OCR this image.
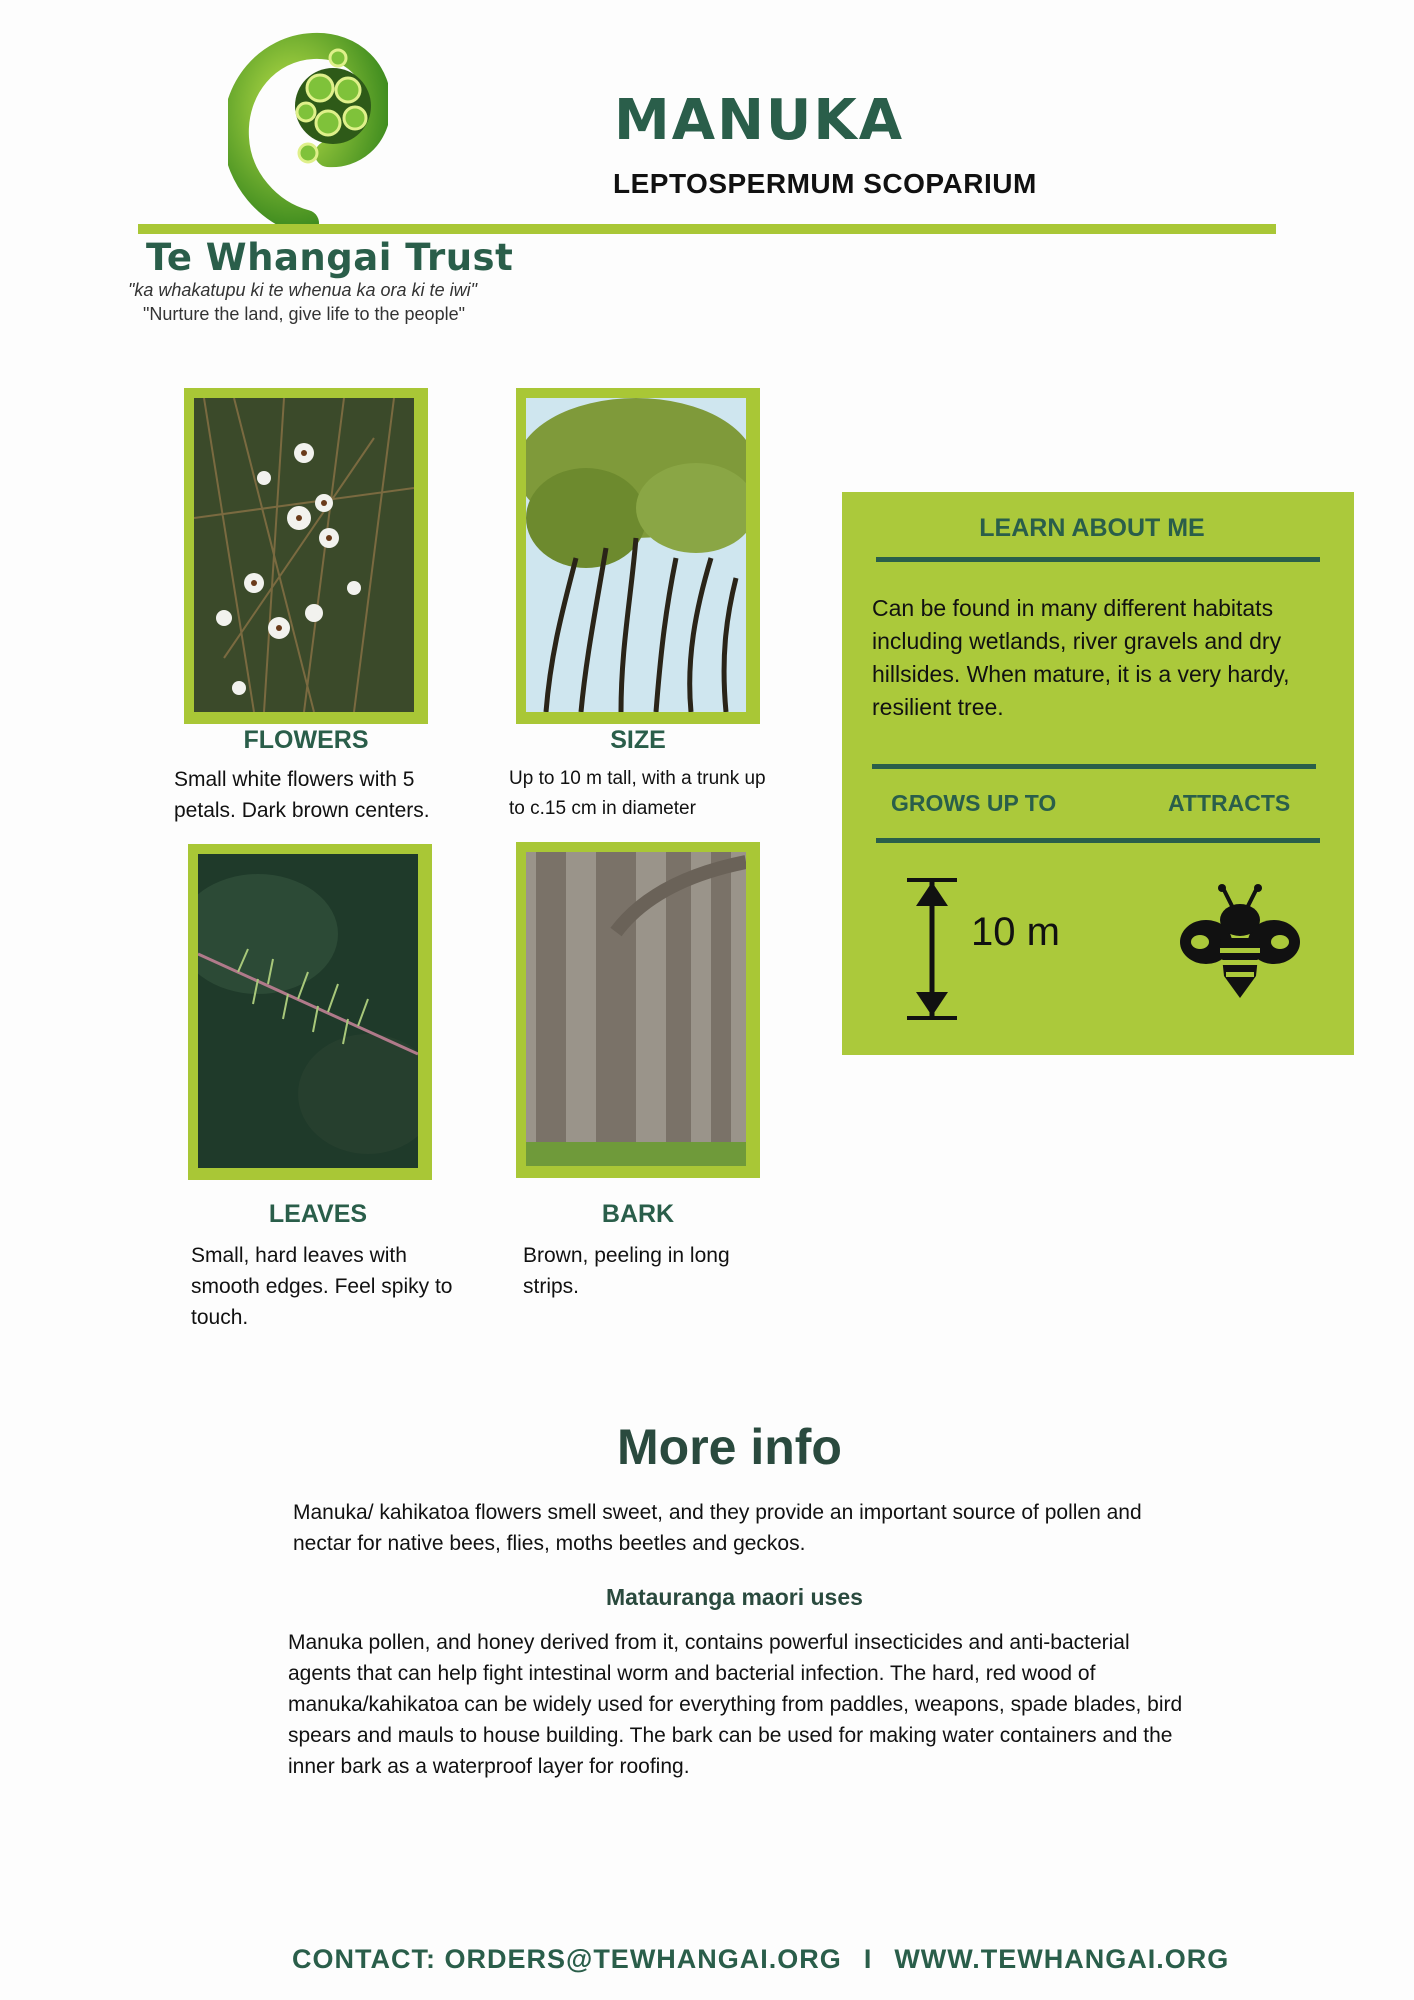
MANUKA
LEPTOSPERMUM SCOPARIUM
Te Whangai Trust
"ka whakatupu ki te whenua ka ora ki te iwi"
"Nurture the land, give life to the people"
FLOWERS
Small white flowers with 5 petals. Dark brown centers.
SIZE
Up to 10 m tall, with a trunk up to c.15 cm in diameter
LEAVES
Small, hard leaves with smooth edges. Feel spiky to touch.
BARK
Brown, peeling in long strips.
LEARN ABOUT ME
Can be found in many different habitats including wetlands, river gravels and dry hillsides. When mature, it is a very hardy, resilient tree.
GROWS UP TO	ATTRACTS
10 m
More info
Manuka/ kahikatoa flowers smell sweet, and they provide an important source of pollen and nectar for native bees, flies, moths beetles and geckos.
Matauranga maori uses
Manuka pollen, and honey derived from it, contains powerful insecticides and anti-bacterial agents that can help fight intestinal worm and bacterial infection. The hard, red wood of manuka/kahikatoa can be widely used for everything from paddles, weapons, spade blades, bird spears and mauls to house building. The bark can be used for making water containers and the inner bark as a waterproof layer for roofing.
CONTACT: ORDERS@TEWHANGAI.ORG I WWW.TEWHANGAI.ORG
